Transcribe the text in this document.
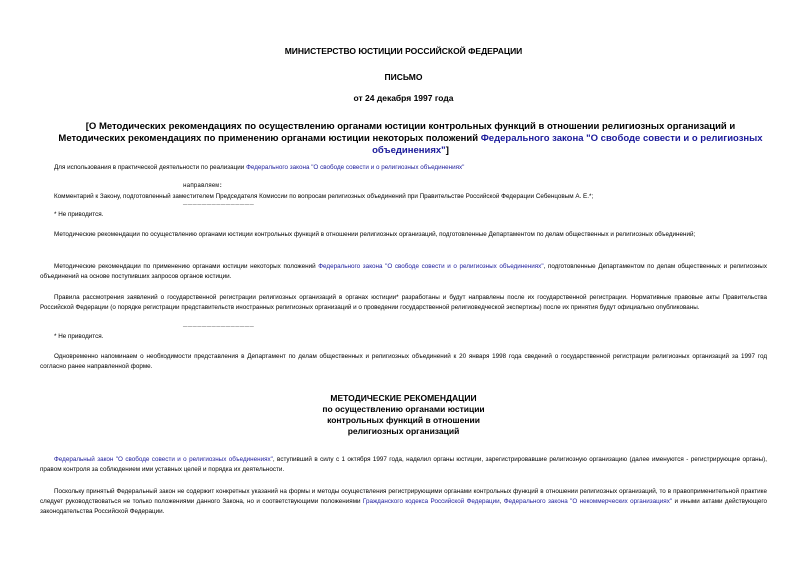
МИНИСТЕРСТВО ЮСТИЦИИ РОССИЙСКОЙ ФЕДЕРАЦИИ
ПИСЬМО
от 24 декабря 1997 года
[О Методических рекомендациях по осуществлению органами юстиции контрольных функций в отношении религиозных организаций и Методических рекомендациях по применению органами юстиции некоторых положений Федерального закона "О свободе совести и о религиозных объединениях"]
Для использования в практической деятельности по реализации Федерального закона "О свободе совести и о религиозных объединениях"
направляем:
Комментарий к Закону, подготовленный заместителем Председателя Комиссии по вопросам религиозных объединений при Правительстве Российской Федерации Себенцовым А. Е.*;
───────────────
* Не приводится.
Методические рекомендации по осуществлению органами юстиции контрольных функций в отношении религиозных организаций, подготовленные Департаментом по делам общественных и религиозных объединений;
Методические рекомендации по применению органами юстиции некоторых положений Федерального закона "О свободе совести и о религиозных объединениях", подготовленные Департаментом по делам общественных и религиозных объединений на основе поступивших запросов органов юстиции.
Правила рассмотрения заявлений о государственной регистрации религиозных организаций в органах юстиции* разработаны и будут направлены после их государственной регистрации. Нормативные правовые акты Правительства Российской Федерации (о порядке регистрации представительств иностранных религиозных организаций и о проведении государственной религиоведческой экспертизы) после их принятия будут официально опубликованы.
───────────────
* Не приводится.
Одновременно напоминаем о необходимости представления в Департамент по делам общественных и религиозных объединений к 20 января 1998 года сведений о государственной регистрации религиозных организаций за 1997 год согласно ранее направленной форме.
МЕТОДИЧЕСКИЕ РЕКОМЕНДАЦИИ
по осуществлению органами юстиции
контрольных функций в отношении
религиозных организаций
Федеральный закон "О свободе совести и о религиозных объединениях", вступивший в силу с 1 октября 1997 года, наделил органы юстиции, зарегистрировавшие религиозную организацию (далее именуются - регистрирующие органы), правом контроля за соблюдением ими уставных целей и порядка их деятельности.
Поскольку принятый Федеральный закон не содержит конкретных указаний на формы и методы осуществления регистрирующими органами контрольных функций в отношении религиозных организаций, то в правоприменительной практике следует руководствоваться не только положениями данного Закона, но и соответствующими положениями Гражданского кодекса Российской Федерации, Федерального закона "О некоммерческих организациях" и иными актами действующего законодательства Российской Федерации.
